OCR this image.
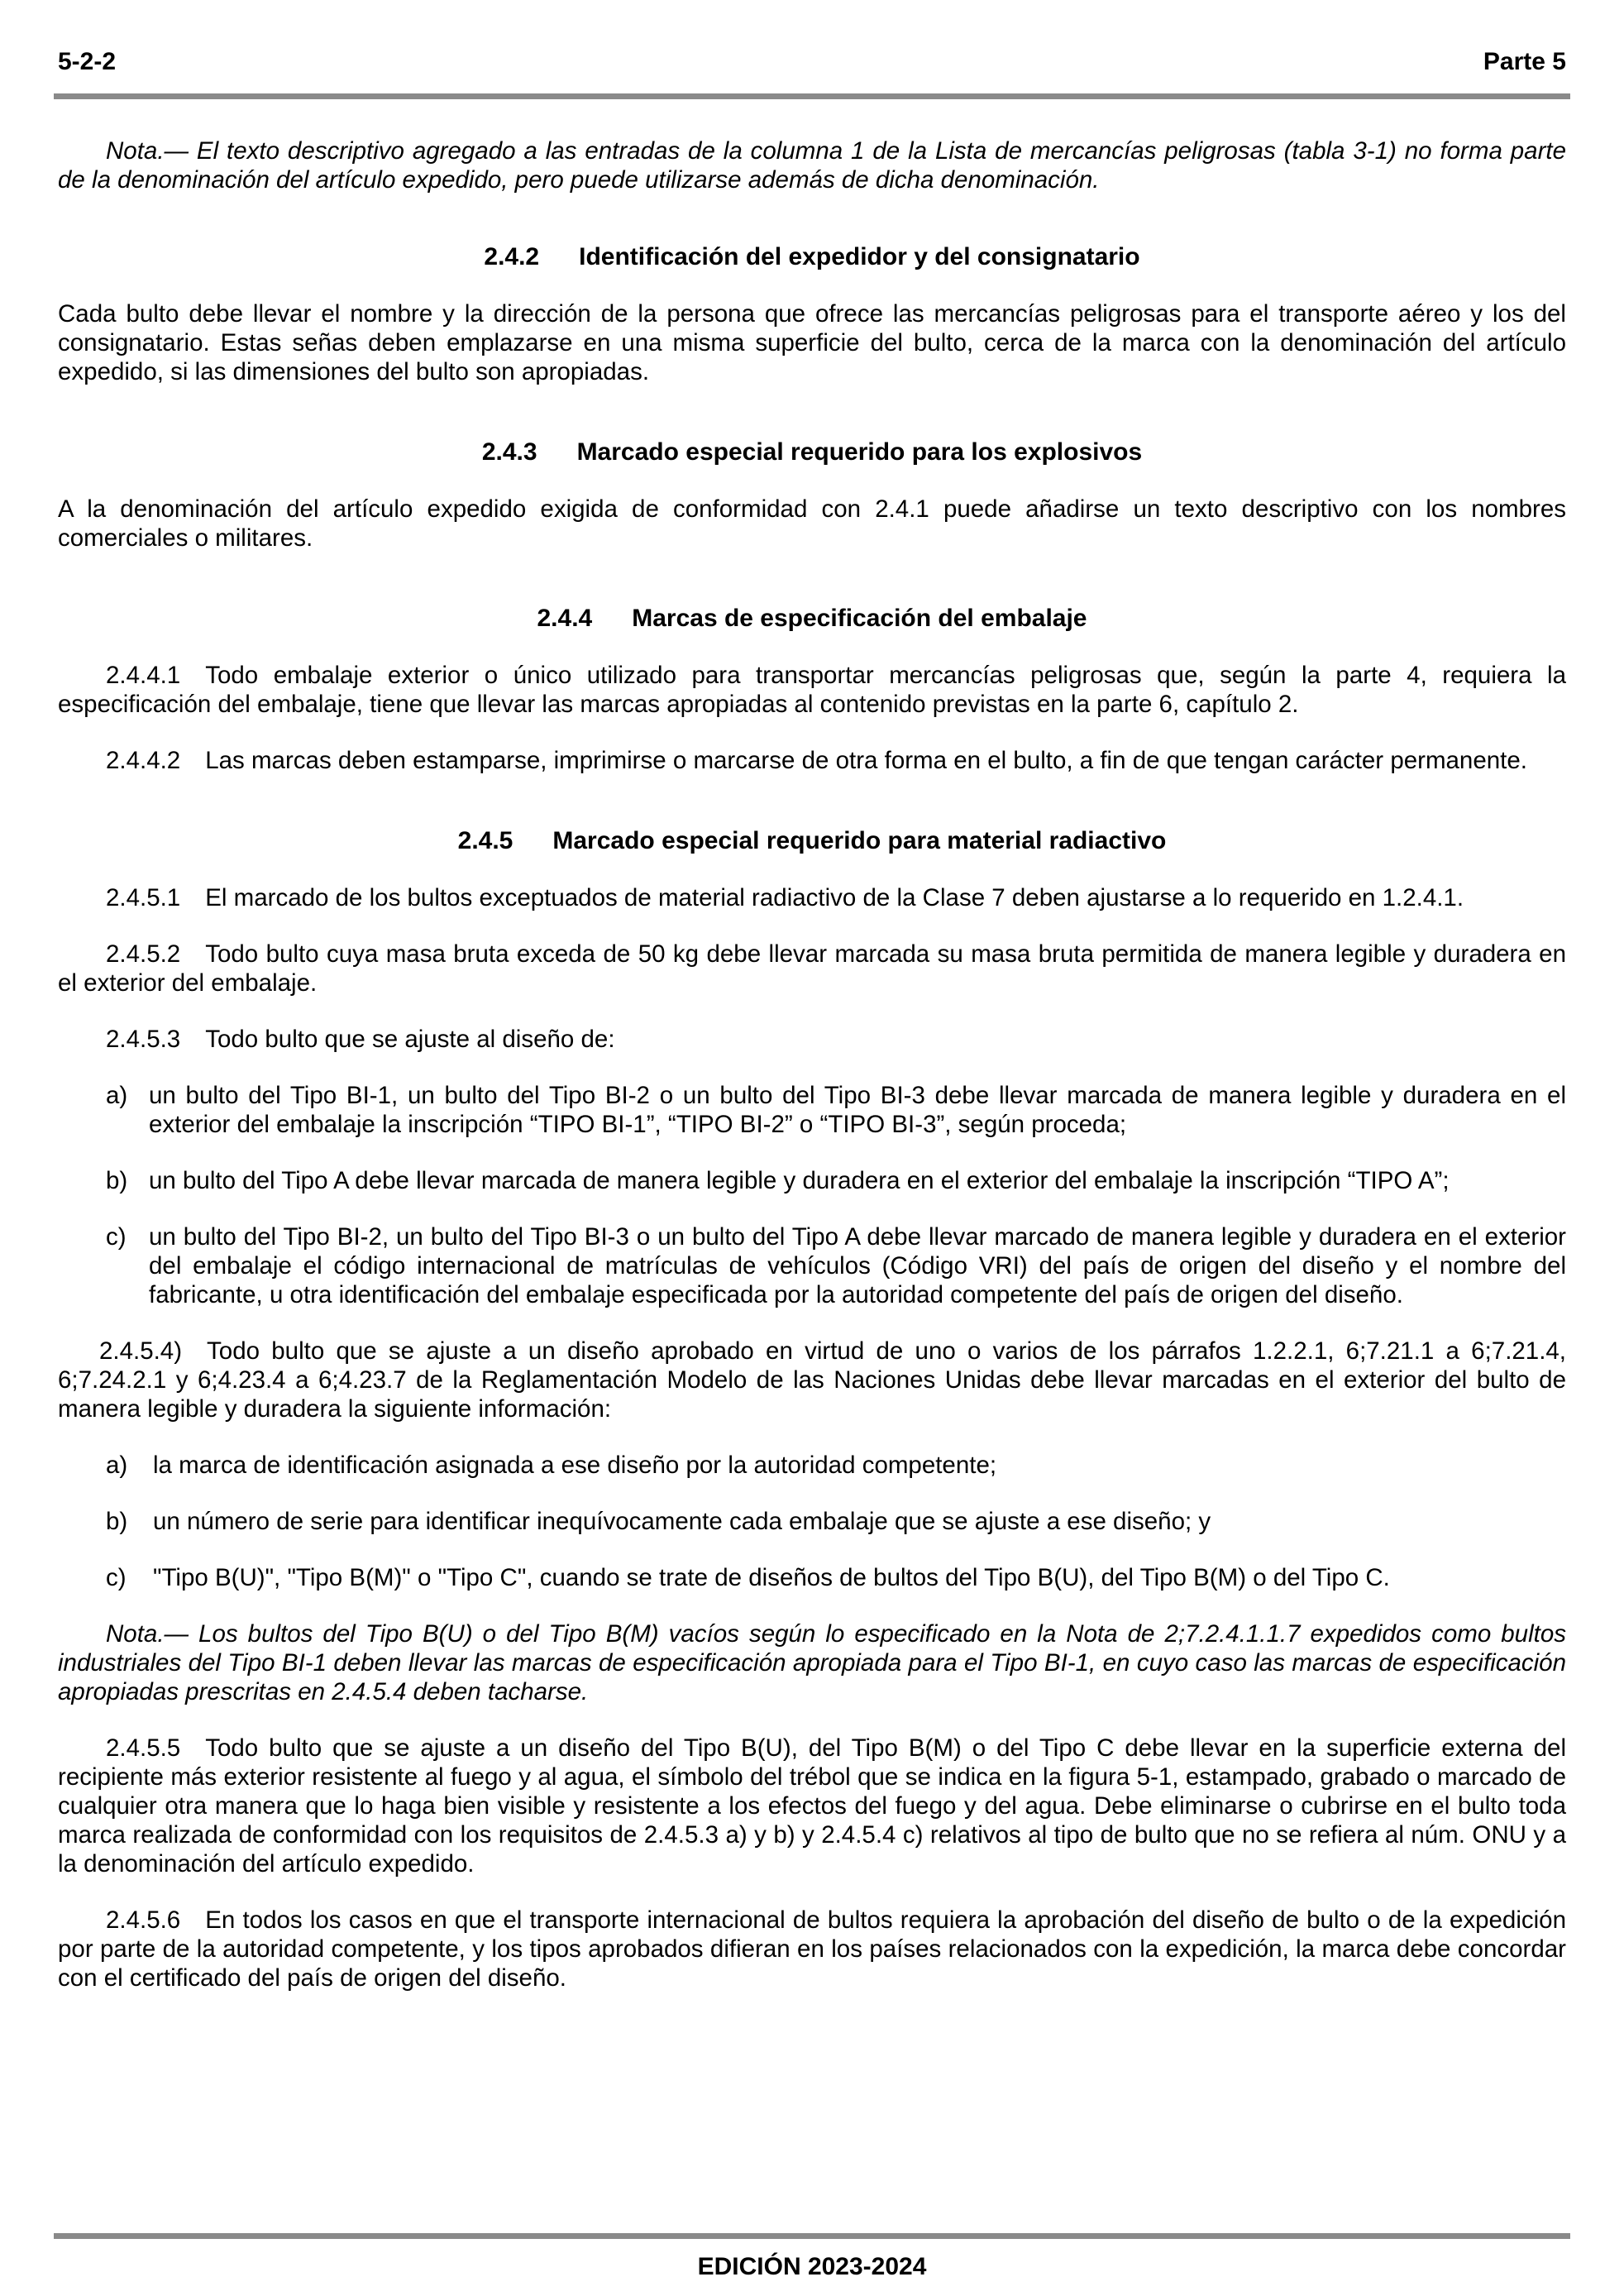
5-2-2	Parte 5

Nota.— El texto descriptivo agregado a las entradas de la columna 1 de la Lista de mercancías peligrosas (tabla 3-1) no forma parte de la denominación del artículo expedido, pero puede utilizarse además de dicha denominación.

2.4.2 Identificación del expedidor y del consignatario

Cada bulto debe llevar el nombre y la dirección de la persona que ofrece las mercancías peligrosas para el transporte aéreo y los del consignatario. Estas señas deben emplazarse en una misma superficie del bulto, cerca de la marca con la denominación del artículo expedido, si las dimensiones del bulto son apropiadas.

2.4.3 Marcado especial requerido para los explosivos

A la denominación del artículo expedido exigida de conformidad con 2.4.1 puede añadirse un texto descriptivo con los nombres comerciales o militares.

2.4.4 Marcas de especificación del embalaje

2.4.4.1 Todo embalaje exterior o único utilizado para transportar mercancías peligrosas que, según la parte 4, requiera la especificación del embalaje, tiene que llevar las marcas apropiadas al contenido previstas en la parte 6, capítulo 2.

2.4.4.2 Las marcas deben estamparse, imprimirse o marcarse de otra forma en el bulto, a fin de que tengan carácter permanente.

2.4.5 Marcado especial requerido para material radiactivo

2.4.5.1 El marcado de los bultos exceptuados de material radiactivo de la Clase 7 deben ajustarse a lo requerido en 1.2.4.1.

2.4.5.2 Todo bulto cuya masa bruta exceda de 50 kg debe llevar marcada su masa bruta permitida de manera legible y duradera en el exterior del embalaje.

2.4.5.3 Todo bulto que se ajuste al diseño de:

a) un bulto del Tipo BI-1, un bulto del Tipo BI-2 o un bulto del Tipo BI-3 debe llevar marcada de manera legible y duradera en el exterior del embalaje la inscripción “TIPO BI-1”, “TIPO BI-2” o “TIPO BI-3”, según proceda;
b) un bulto del Tipo A debe llevar marcada de manera legible y duradera en el exterior del embalaje la inscripción “TIPO A”;
c) un bulto del Tipo BI-2, un bulto del Tipo BI-3 o un bulto del Tipo A debe llevar marcado de manera legible y duradera en el exterior del embalaje el código internacional de matrículas de vehículos (Código VRI) del país de origen del diseño y el nombre del fabricante, u otra identificación del embalaje especificada por la autoridad competente del país de origen del diseño.

2.4.5.4) Todo bulto que se ajuste a un diseño aprobado en virtud de uno o varios de los párrafos 1.2.2.1, 6;7.21.1 a 6;7.21.4, 6;7.24.2.1 y 6;4.23.4 a 6;4.23.7 de la Reglamentación Modelo de las Naciones Unidas debe llevar marcadas en el exterior del bulto de manera legible y duradera la siguiente información:

a) la marca de identificación asignada a ese diseño por la autoridad competente;
b) un número de serie para identificar inequívocamente cada embalaje que se ajuste a ese diseño; y
c) "Tipo B(U)", "Tipo B(M)" o "Tipo C", cuando se trate de diseños de bultos del Tipo B(U), del Tipo B(M) o del Tipo C.

Nota.— Los bultos del Tipo B(U) o del Tipo B(M) vacíos según lo especificado en la Nota de 2;7.2.4.1.1.7 expedidos como bultos industriales del Tipo BI-1 deben llevar las marcas de especificación apropiada para el Tipo BI-1, en cuyo caso las marcas de especificación apropiadas prescritas en 2.4.5.4 deben tacharse.

2.4.5.5 Todo bulto que se ajuste a un diseño del Tipo B(U), del Tipo B(M) o del Tipo C debe llevar en la superficie externa del recipiente más exterior resistente al fuego y al agua, el símbolo del trébol que se indica en la figura 5-1, estampado, grabado o marcado de cualquier otra manera que lo haga bien visible y resistente a los efectos del fuego y del agua. Debe eliminarse o cubrirse en el bulto toda marca realizada de conformidad con los requisitos de 2.4.5.3 a) y b) y 2.4.5.4 c) relativos al tipo de bulto que no se refiera al núm. ONU y a la denominación del artículo expedido.

2.4.5.6 En todos los casos en que el transporte internacional de bultos requiera la aprobación del diseño de bulto o de la expedición por parte de la autoridad competente, y los tipos aprobados difieran en los países relacionados con la expedición, la marca debe concordar con el certificado del país de origen del diseño.

EDICIÓN 2023-2024
